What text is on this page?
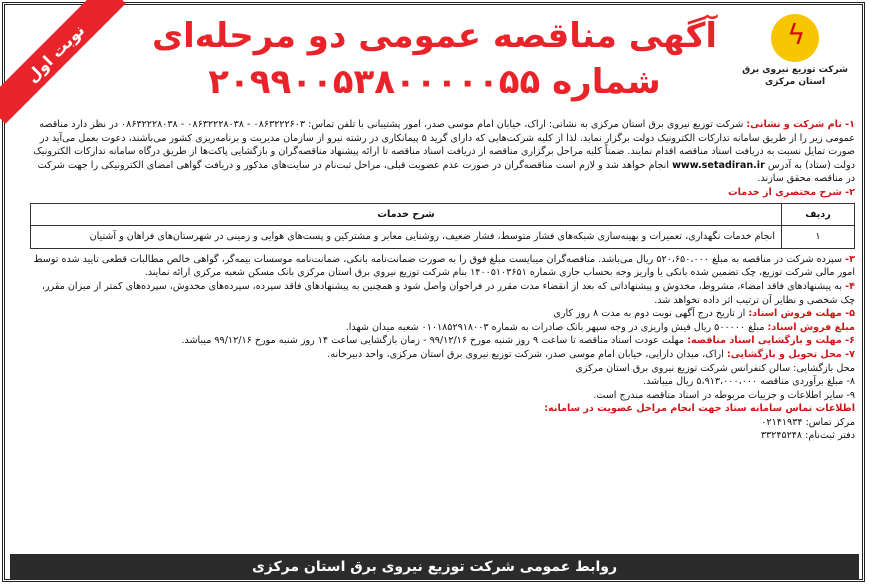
نوبت اول	ϟ
شرکت توزیع نیروی برق
استان مرکزی
آگهی مناقصه عمومی دو مرحله‌ای
شماره ۲۰۹۹۰۰۵۳۸۰۰۰۰۰۵۵

۱- نام شرکت و نشانی: شرکت توزیع نیروی برق استان مرکزی به نشانی: اراک، خیابان امام موسی صدر، امور پشتیبانی با تلفن تماس: ۰۸۶۳۲۲۲۶۰۳ - ۰۸۶۳۲۲۲۸۰۳۸ - ۰۸۶۳۲۲۲۸۰۳۸ در نظر دارد مناقصه عمومی زیر را از طریق سامانه تدارکات الکترونیک دولت برگزار نماید. لذا از کلیه شرکت‌هایی که دارای گرید ۵ پیمانکاری در رشته نیرو از سازمان مدیریت و برنامه‌ریزی کشور می‌باشند، دعوت بعمل می‌آید در صورت تمایل نسبت به دریافت اسناد مناقصه اقدام نمایند. ضمناً کلیه مراحل برگزاری مناقصه از دریافت اسناد مناقصه تا ارائه پیشنهاد مناقصه‌گران و بازگشایی پاکت‌ها از طریق درگاه سامانه تدارکات الکترونیک دولت (ستاد) به آدرس www.setadiran.ir انجام خواهد شد و لازم است مناقصه‌گران در صورت عدم عضویت قبلی، مراحل ثبت‌نام در سایت‌های مذکور و دریافت گواهی امضای الکترونیکی را جهت شرکت در مناقصه محقق سازند.

۲- شرح مختصری از خدمات

ردیف	شرح خدمات
۱	انجام خدمات نگهداری، تعمیرات و بهینه‌سازی شبکه‌های فشار متوسط، فشار ضعیف، روشنایی معابر و مشترکین و پست‌های هوایی و زمینی در شهرستان‌های فراهان و آشتیان

۳- سپرده شرکت در مناقصه به مبلغ ۵۲۰،۶۵۰،۰۰۰ ریال می‌باشد. مناقصه‌گران میبایست مبلغ فوق را به صورت ضمانت‌نامه بانکی، ضمانت‌نامه موسسات بیمه‌گر، گواهی خالص مطالبات قطعی تایید شده توسط امور مالی شرکت توزیع، چک تضمین شده بانکی یا واریز وجه بحساب جاری شماره ۱۴۰۰۵۱۰۳۶۵۱ بنام شرکت توزیع نیروی برق استان مرکزی بانک مسکن شعبه مرکزی ارائه نمایند.

۴- به پیشنهادهای فاقد امضاء، مشروط، مخدوش و پیشنهاداتی که بعد از انقضاء مدت مقرر در فراخوان واصل شود و همچنین به پیشنهادهای فاقد سپرده، سپرده‌های مخدوش، سپرده‌های کمتر از میزان مقرر، چک شخصی و نظایر آن ترتیب اثر داده نخواهد شد.

۵- مهلت فروش اسناد: از تاریخ درج آگهی نوبت دوم به مدت ۸ روز کاری

مبلغ فروش اسناد: مبلغ ۵۰۰۰۰۰ ریال فیش واریزی در وجه سپهر بانک صادرات به شماره ۰۱۰۱۸۵۲۹۱۸۰۰۳ شعبه میدان شهدا.

۶- مهلت و بازگشایی اسناد مناقصه: مهلت عودت اسناد مناقصه تا ساعت ۹ روز شنبه مورخ ۹۹/۱۲/۱۶ - زمان بازگشایی ساعت ۱۴ روز شنبه مورخ ۹۹/۱۲/۱۶ میباشد.

۷- محل تحویل و بازگشایی: اراک، میدان دارایی، خیابان امام موسی صدر، شرکت توزیع نیروی برق استان مرکزی، واحد دبیرخانه.

محل بازگشایی: سالن کنفرانس شرکت توزیع نیروی برق استان مرکزی

۸- مبلغ برآوردی مناقصه ۵،۹۱۳،۰۰۰،۰۰۰ ریال میباشد.

۹- سایر اطلاعات و جزییات مربوطه در اسناد مناقصه مندرج است.

اطلاعات تماس سامانه ستاد جهت انجام مراحل عضویت در سامانه:

مرکز تماس: ۰۲۱۴۱۹۳۴

دفتر ثبت‌نام: ۳۳۲۴۵۲۴۸

روابط عمومی شرکت توزیع نیروی برق استان مرکزی
